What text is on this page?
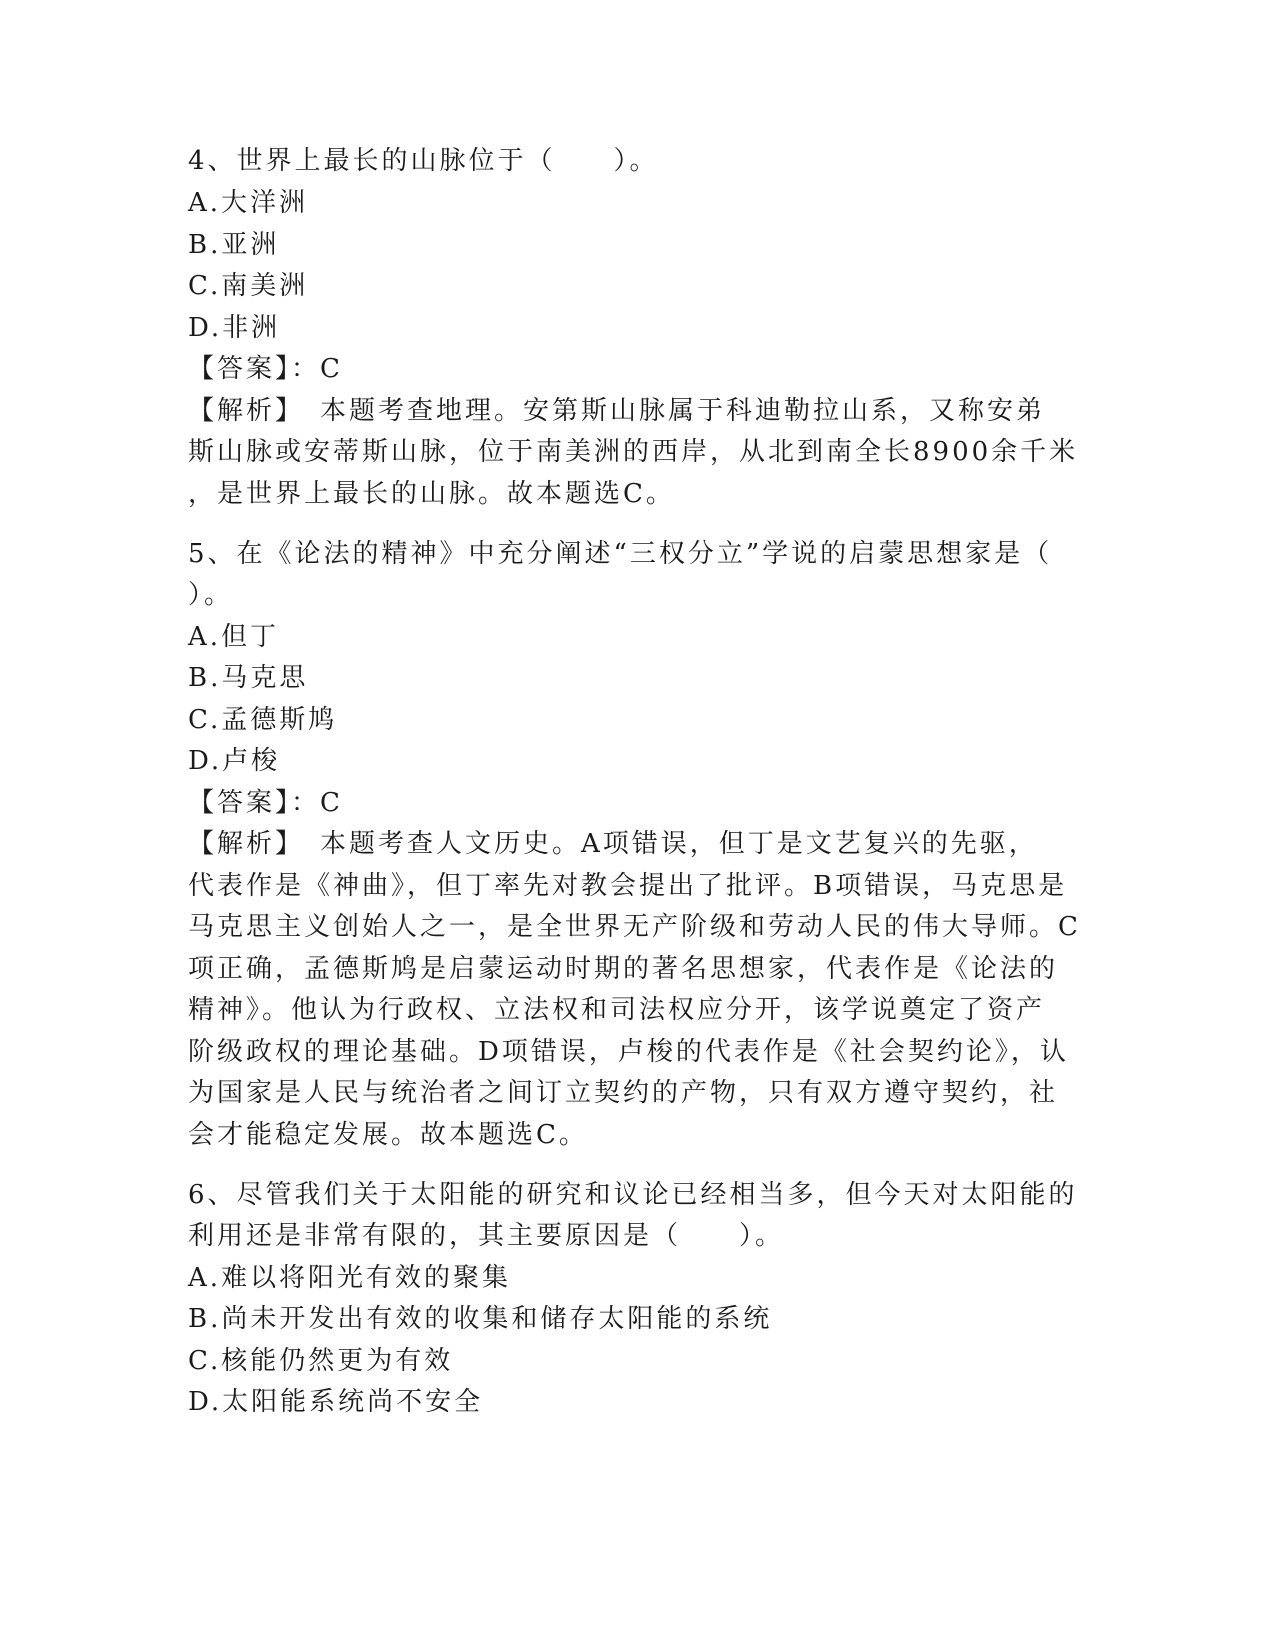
4、世界上最长的山脉位于（　　）。
A.大洋洲
B.亚洲
C.南美洲
D.非洲
【答案】：C
【解析】　本题考查地理。安第斯山脉属于科迪勒拉山系，又称安弟
斯山脉或安蒂斯山脉，位于南美洲的西岸，从北到南全长8900余千米
，是世界上最长的山脉。故本题选C。
5、在《论法的精神》中充分阐述“三权分立”学说的启蒙思想家是（
）。
A.但丁
B.马克思
C.孟德斯鸠
D.卢梭
【答案】：C
【解析】　本题考查人文历史。A项错误，但丁是文艺复兴的先驱，
代表作是《神曲》，但丁率先对教会提出了批评。B项错误，马克思是
马克思主义创始人之一，是全世界无产阶级和劳动人民的伟大导师。C
项正确，孟德斯鸠是启蒙运动时期的著名思想家，代表作是《论法的
精神》。他认为行政权、立法权和司法权应分开，该学说奠定了资产
阶级政权的理论基础。D项错误，卢梭的代表作是《社会契约论》，认
为国家是人民与统治者之间订立契约的产物，只有双方遵守契约，社
会才能稳定发展。故本题选C。
6、尽管我们关于太阳能的研究和议论已经相当多，但今天对太阳能的
利用还是非常有限的，其主要原因是（　　）。
A.难以将阳光有效的聚集
B.尚未开发出有效的收集和储存太阳能的系统
C.核能仍然更为有效
D.太阳能系统尚不安全
